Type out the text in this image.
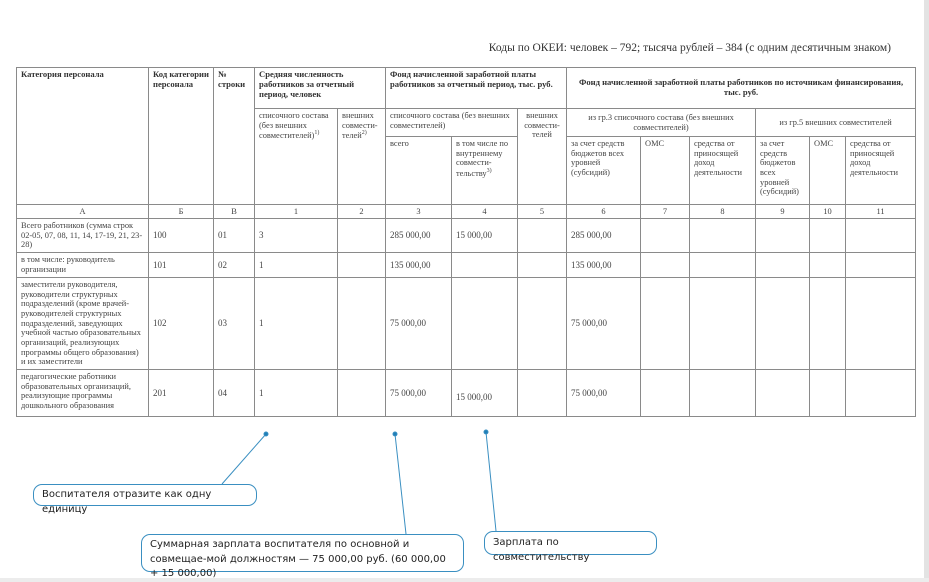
Коды по ОКЕИ: человек – 792; тысяча рублей – 384 (с одним десятичным знаком)
Категория персонала	Код категории персонала	№ строки	Средняя численность работников за отчетный период, человек		Фонд начисленной заработной платы работников за отчетный период, тыс. руб.			Фонд начисленной заработной платы работников по источникам финансирования, тыс. руб.					
			списочного состава (без внешних совместителей)$^{1)}$	внешних совмести-телей$^{2)}$	списочного состава (без внешних совместителей)		внешних совмести-телей	из гр.3 списочного состава (без внешних совместителей)			из гр.5 внешних совместителей		
					всего	в том числе по внутреннему совмести-тельству$^{3)}$		за счет средств бюджетов всех уровней (субсидий)	ОМС	средства от приносящей доход деятельности	за счет средств бюджетов всех уровней (субсидий)	ОМС	средства от приносящей доход деятельности
А	Б	В	1	2	3	4	5	6	7	8	9	10	11
Всего работников (сумма строк 02-05, 07, 08, 11, 14, 17-19, 21, 23-28)	100	01	3		285 000,00	15 000,00		285 000,00					
в том числе: руководитель организации	101	02	1		135 000,00			135 000,00					
заместители руководителя, руководители структурных подразделений (кроме врачей-руководителей структурных подразделений, заведующих учебной частью образовательных организаций, реализующих программы общего образования) и их заместители	102	03	1		75 000,00			75 000,00					
педагогические работники образовательных организаций, реализующие программы дошкольного образования	201	04	1		75 000,00	15 000,00		75 000,00					
Воспитателя отразите как одну единицу
Суммарная зарплата воспитателя по основной и совмещае-мой должностям — 75 000,00 руб. (60 000,00 + 15 000,00)
Зарплата по совместительству
